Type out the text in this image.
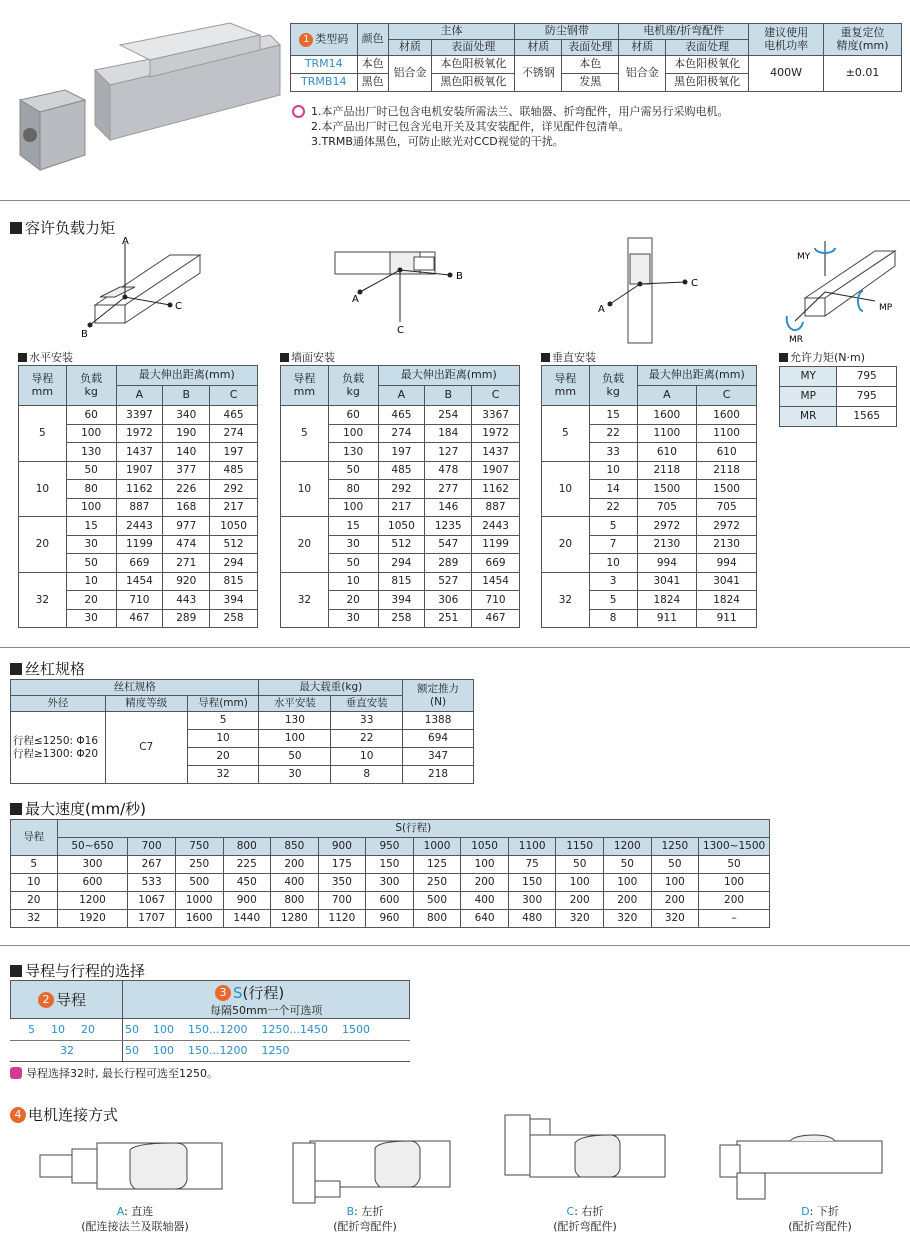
1 类型码	颜色	主体		防尘钢带		电机座/折弯配件		建议使用
电机功率	重复定位
精度(mm)
		材质	表面处理	材质	表面处理	材质	表面处理		
TRM14	本色	铝合金	本色阳极氧化	不锈钢	本色	铝合金	本色阳极氧化	400W	±0.01
TRMB14	黑色		黑色阳极氧化		发黑		黑色阳极氧化		
1.本产品出厂时已包含电机安装所需法兰、联轴器、折弯配件，用户需另行采购电机。
2.本产品出厂时已包含光电开关及其安装配件，详见配件包清单。
3.TRMB通体黑色，可防止眩光对CCD视觉的干扰。
容许负载力矩
A
C
B
B
A
C
C
A
MY
MP
MR
水平安装
导程
mm	负载
kg	最大伸出距离(mm)		
		A	B	C
5	60	3397	340	465
	100	1972	190	274
	130	1437	140	197
10	50	1907	377	485
	80	1162	226	292
	100	887	168	217
20	15	2443	977	1050
	30	1199	474	512
	50	669	271	294
32	10	1454	920	815
	20	710	443	394
	30	467	289	258
墙面安装
导程
mm	负载
kg	最大伸出距离(mm)		
		A	B	C
5	60	465	254	3367
	100	274	184	1972
	130	197	127	1437
10	50	485	478	1907
	80	292	277	1162
	100	217	146	887
20	15	1050	1235	2443
	30	512	547	1199
	50	294	289	669
32	10	815	527	1454
	20	394	306	710
	30	258	251	467
垂直安装
导程
mm	负载
kg	最大伸出距离(mm)	
		A	C
5	15	1600	1600
	22	1100	1100
	33	610	610
10	10	2118	2118
	14	1500	1500
	22	705	705
20	5	2972	2972
	7	2130	2130
	10	994	994
32	3	3041	3041
	5	1824	1824
	8	911	911
允许力矩(N·m)
MY	795
MP	795
MR	1565
丝杠规格
丝杠规格			最大载重(kg)		额定推力
(N)
外径	精度等级	导程(mm)	水平安装	垂直安装	
行程≤1250: Φ16
行程≥1300: Φ20	C7	5	130	33	1388
		10	100	22	694
		20	50	10	347
		32	30	8	218
最大速度(mm/秒)
导程	S(行程)													
	50~650	700	750	800	850	900	950	1000	1050	1100	1150	1200	1250	1300~1500
5	300	267	250	225	200	175	150	125	100	75	50	50	50	50
10	600	533	500	450	400	350	300	250	200	150	100	100	100	100
20	1200	1067	1000	900	800	700	600	500	400	300	200	200	200	200
32	1920	1707	1600	1440	1280	1120	960	800	640	480	320	320	320	–
导程与行程的选择
2 导程	3 S (行程)
每隔50mm一个可选项
5 10 20	50 100 150...1200 1250...1450 1500
32	50 100 150...1200 1250
导程选择32时, 最长行程可选至1250。
4 电机连接方式
A: 直连
(配连接法兰及联轴器)
B: 左折
(配折弯配件)
C: 右折
(配折弯配件)
D: 下折
(配折弯配件)
